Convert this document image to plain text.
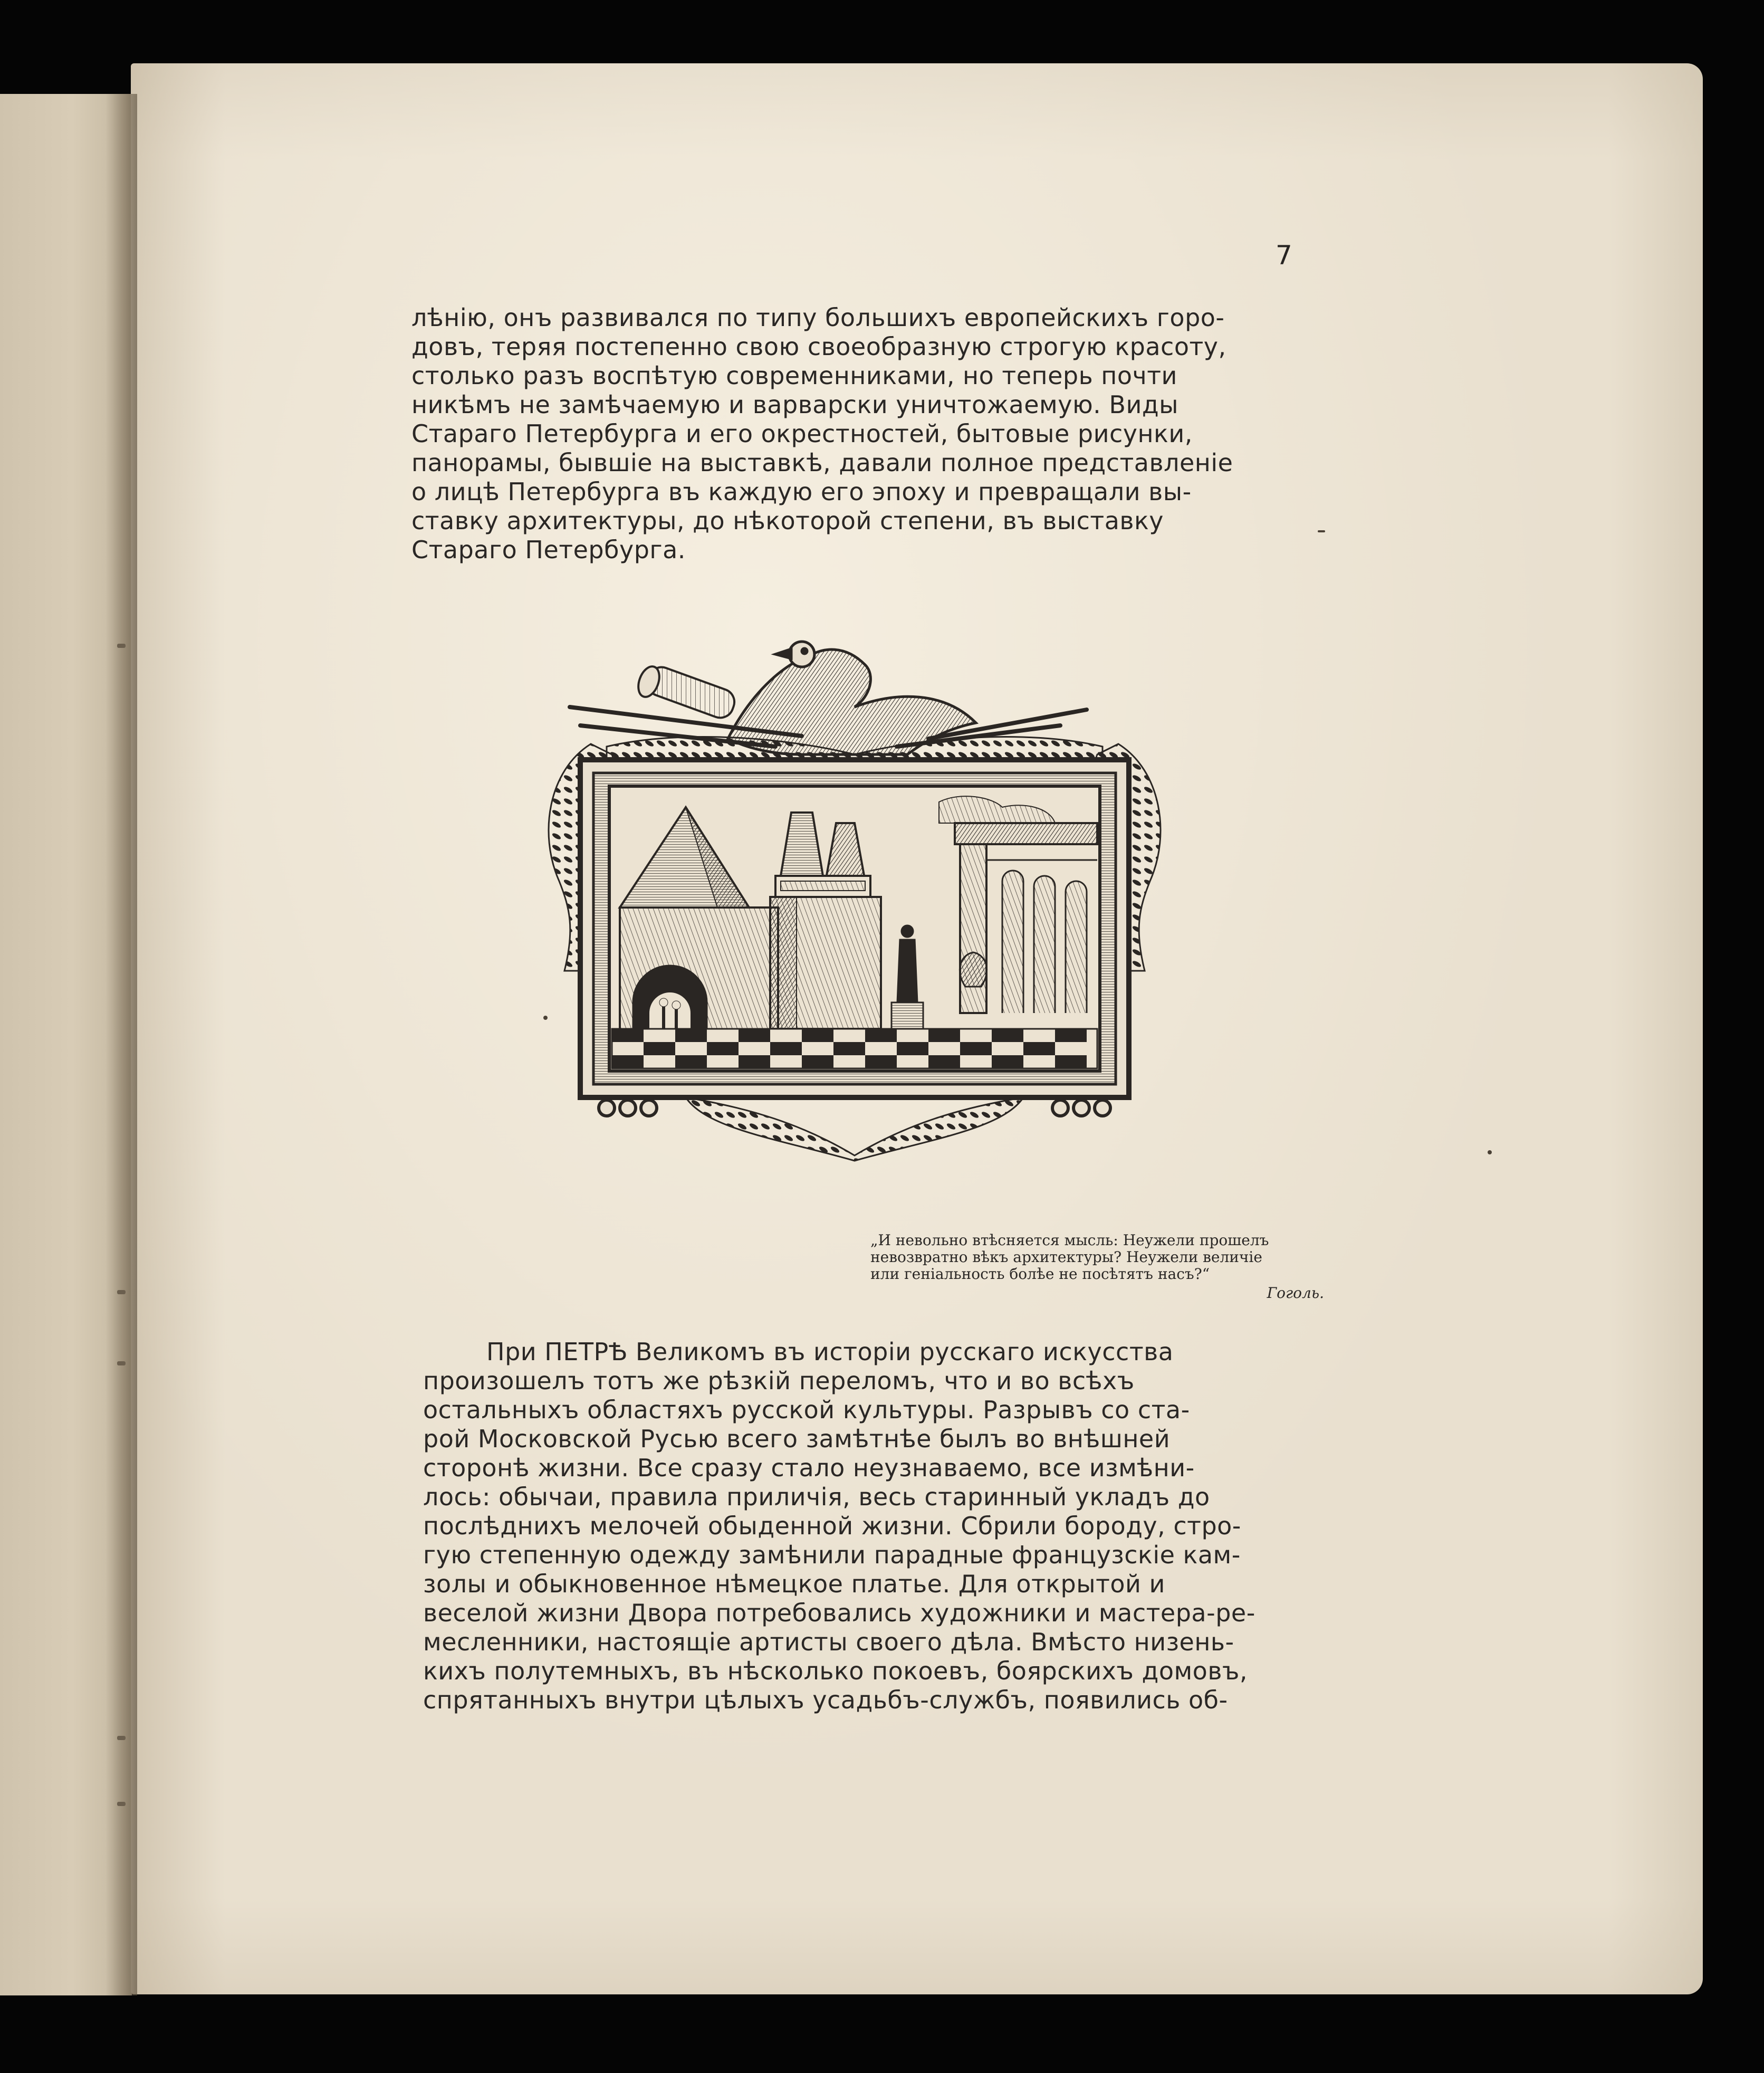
7

лѣнію, онъ развивался по типу большихъ европейскихъ горо-

довъ, теряя постепенно свою своеобразную строгую красоту,

столько разъ воспѣтую современниками, но теперь почти

никѣмъ не замѣчаемую и варварски уничтожаемую. Виды

Стараго Петербурга и его окрестностей, бытовые рисунки,

панорамы, бывшіе на выставкѣ, давали полное представленіе

о лицѣ Петербурга въ каждую его эпоху и превращали вы-

ставку архитектуры, до нѣкоторой степени, въ выставку

Стараго Петербурга.

„И невольно втѣсняется мысль: Неужели прошелъ
невозвратно вѣкъ архитектуры? Неужели величіе
или геніальность болѣе не посѣтятъ насъ?“
Гоголь.

При ПЕТРѢ Великомъ въ исторіи русскаго искусства

произошелъ тотъ же рѣзкій переломъ, что и во всѣхъ

остальныхъ областяхъ русской культуры. Разрывъ со ста-

рой Московской Русью всего замѣтнѣе былъ во внѣшней

сторонѣ жизни. Все сразу стало неузнаваемо, все измѣни-

лось: обычаи, правила приличія, весь старинный укладъ до

послѣднихъ мелочей обыденной жизни. Сбрили бороду, стро-

гую степенную одежду замѣнили парадные французскіе кам-

золы и обыкновенное нѣмецкое платье. Для открытой и

веселой жизни Двора потребовались художники и мастера-ре-

месленники, настоящіе артисты своего дѣла. Вмѣсто низень-

кихъ полутемныхъ, въ нѣсколько покоевъ, боярскихъ домовъ,

спрятанныхъ внутри цѣлыхъ усадьбъ-службъ, появились об-
